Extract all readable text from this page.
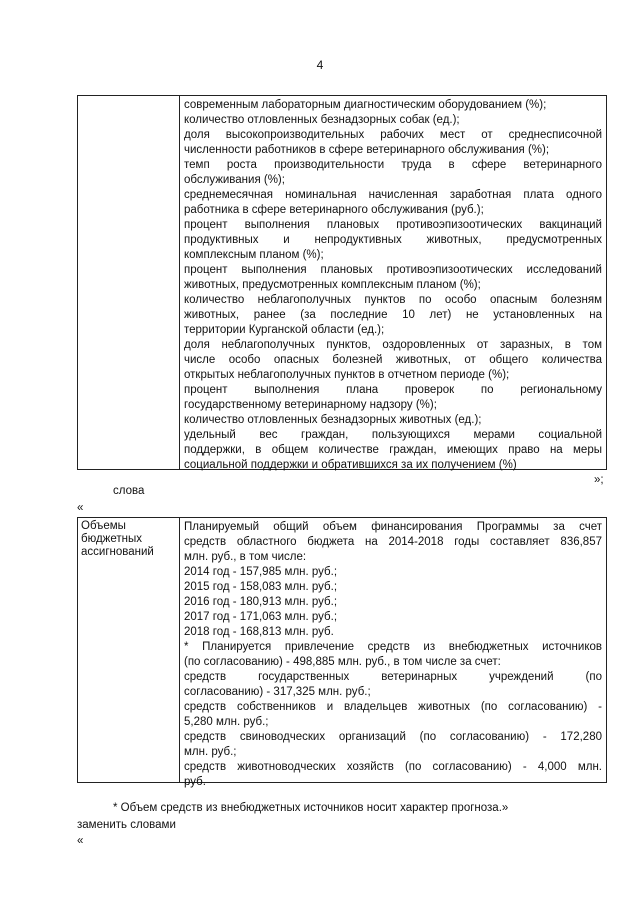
4
современным лабораторным диагностическим оборудованием (%);
количество отловленных безнадзорных собак (ед.);
доля высокопроизводительных рабочих мест от среднесписочной
численности работников в сфере ветеринарного обслуживания (%);
темп роста производительности труда в сфере ветеринарного
обслуживания (%);
среднемесячная номинальная начисленная заработная плата одного
работника в сфере ветеринарного обслуживания (руб.);
процент выполнения плановых противоэпизоотических вакцинаций
продуктивных и непродуктивных животных, предусмотренных
комплексным планом (%);
процент выполнения плановых противоэпизоотических исследований
животных, предусмотренных комплексным планом (%);
количество неблагополучных пунктов по особо опасным болезням
животных, ранее (за последние 10 лет) не установленных на
территории Курганской области (ед.);
доля неблагополучных пунктов, оздоровленных от заразных, в том
числе особо опасных болезней животных, от общего количества
открытых неблагополучных пунктов в отчетном периоде (%);
процент выполнения плана проверок по региональному
государственному ветеринарному надзору (%);
количество отловленных безнадзорных животных (ед.);
удельный вес граждан, пользующихся мерами социальной
поддержки, в общем количестве граждан, имеющих право на меры
социальной поддержки и обратившихся за их получением (%)
»;
слова
«
Объемы
бюджетных
ассигнований
Планируемый общий объем финансирования Программы за счет
средств областного бюджета на 2014-2018 годы составляет 836,857
млн. руб., в том числе:
2014 год - 157,985 млн. руб.;
2015 год - 158,083 млн. руб.;
2016 год - 180,913 млн. руб.;
2017 год - 171,063 млн. руб.;
2018 год - 168,813 млн. руб.
* Планируется привлечение средств из внебюджетных источников
(по согласованию) - 498,885 млн. руб., в том числе за счет:
средств государственных ветеринарных учреждений (по
согласованию) - 317,325 млн. руб.;
средств собственников и владельцев животных (по согласованию) -
5,280 млн. руб.;
средств свиноводческих организаций (по согласованию) - 172,280
млн. руб.;
средств животноводческих хозяйств (по согласованию) - 4,000 млн.
руб.
* Объем средств из внебюджетных источников носит характер прогноза.»
заменить словами
«
